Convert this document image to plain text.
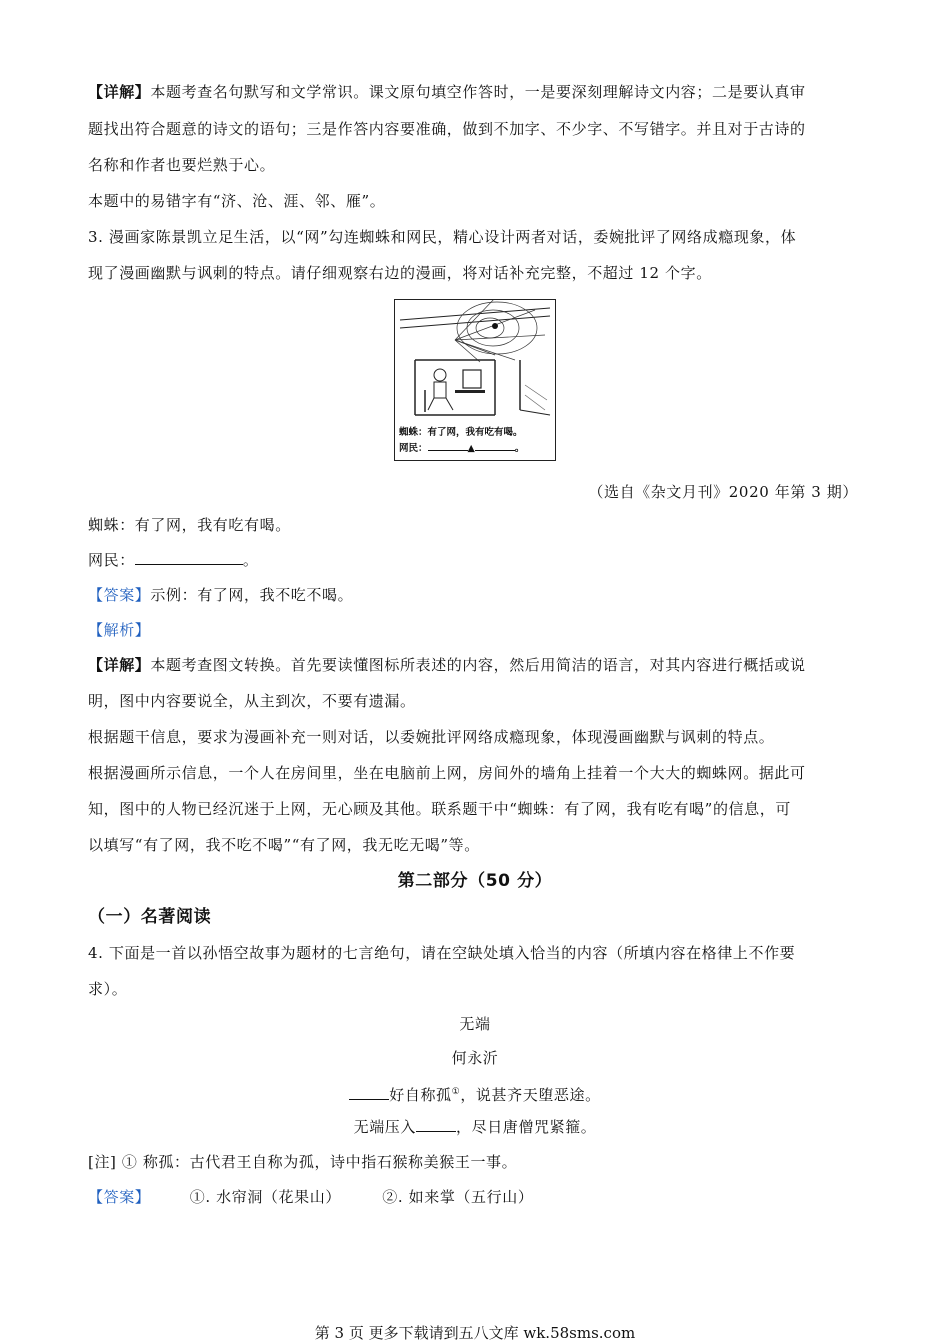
【详解】本题考查名句默写和文学常识。课文原句填空作答时，一是要深刻理解诗文内容；二是要认真审
题找出符合题意的诗文的语句；三是作答内容要准确，做到不加字、不少字、不写错字。并且对于古诗的
名称和作者也要烂熟于心。
本题中的易错字有“济、沧、涯、邻、雁”。
3. 漫画家陈景凯立足生活，以“网”勾连蜘蛛和网民，精心设计两者对话，委婉批评了网络成瘾现象，体
现了漫画幽默与讽刺的特点。请仔细观察右边的漫画，将对话补充完整，不超过 12 个字。
蜘蛛：有了网，我有吃有喝。
网民：	▲	。
（选自《杂文月刊》2020 年第 3 期）
蜘蛛：有了网，我有吃有喝。
网民：	。
【答案】示例：有了网，我不吃不喝。
【解析】
【详解】本题考查图文转换。首先要读懂图标所表述的内容，然后用简洁的语言，对其内容进行概括或说
明，图中内容要说全，从主到次，不要有遗漏。
根据题干信息，要求为漫画补充一则对话，以委婉批评网络成瘾现象，体现漫画幽默与讽刺的特点。
根据漫画所示信息，一个人在房间里，坐在电脑前上网，房间外的墙角上挂着一个大大的蜘蛛网。据此可
知，图中的人物已经沉迷于上网，无心顾及其他。联系题干中“蜘蛛：有了网，我有吃有喝”的信息，可
以填写“有了网，我不吃不喝”“有了网，我无吃无喝”等。
第二部分（50 分）
（一）名著阅读
4. 下面是一首以孙悟空故事为题材的七言绝句，请在空缺处填入恰当的内容（所填内容在格律上不作要
求）。
无端
何永沂
好自称孤①，说甚齐天堕恶途。
无端压入	，尽日唐僧咒紧箍。
[注] ① 称孤：古代君王自称为孤，诗中指石猴称美猴王一事。
【答案】	①. 水帘洞（花果山）	②. 如来掌（五行山）
第 3 页 更多下载请到五八文库 wk.58sms.com
